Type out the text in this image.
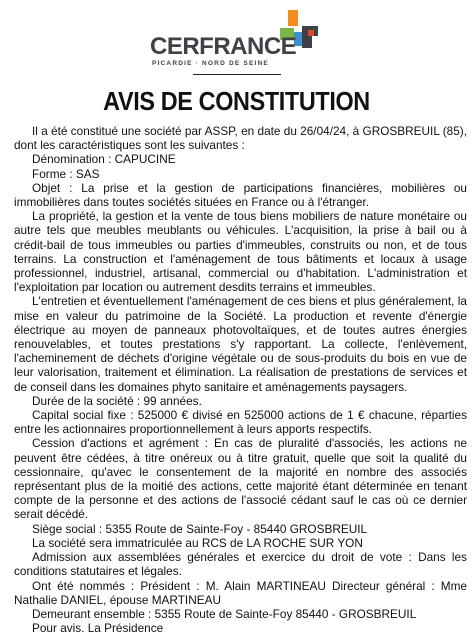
CERFRANCE
PICARDIE · NORD DE SEINE
AVIS DE CONSTITUTION

Il a été constitué une société par ASSP, en date du 26/04/24, à GROSBREUIL (85), dont les caractéristiques sont les suivantes :

Dénomination : CAPUCINE

Forme : SAS

Objet : La prise et la gestion de participations financières, mobilières ou immobilières dans toutes sociétés situées en France ou à l'étranger.

La propriété, la gestion et la vente de tous biens mobiliers de nature monétaire ou autre tels que meubles meublants ou véhicules. L'acquisition, la prise à bail ou à crédit-bail de tous immeubles ou parties d'immeubles, construits ou non, et de tous terrains. La construction et l'aménagement de tous bâtiments et locaux à usage professionnel, industriel, artisanal, commercial ou d'habitation. L'administration et l'exploitation par location ou autrement desdits terrains et immeubles.

L'entretien et éventuellement l'aménagement de ces biens et plus généralement, la mise en valeur du patrimoine de la Société. La production et revente d'énergie électrique au moyen de panneaux photovoltaïques, et de toutes autres énergies renouvelables, et toutes prestations s'y rapportant. La collecte, l'enlèvement, l'acheminement de déchets d'origine végétale ou de sous-produits du bois en vue de leur valorisation, traitement et élimination. La réalisation de prestations de services et de conseil dans les domaines phyto sanitaire et aménagements paysagers.

Durée de la société : 99 années.

Capital social fixe : 525000 € divisé en 525000 actions de 1 € chacune, réparties entre les actionnaires proportionnellement à leurs apports respectifs.

Cession d'actions et agrément : En cas de pluralité d'associés, les actions ne peuvent être cédées, à titre onéreux ou à titre gratuit, quelle que soit la qualité du cessionnaire, qu'avec le consentement de la majorité en nombre des associés représentant plus de la moitié des actions, cette majorité étant déterminée en tenant compte de la personne et des actions de l'associé cédant sauf le cas où ce dernier serait décédé.

Siège social : 5355 Route de Sainte-Foy - 85440 GROSBREUIL

La société sera immatriculée au RCS de LA ROCHE SUR YON

Admission aux assemblées générales et exercice du droit de vote : Dans les conditions statutaires et légales.

Ont été nommés : Président : M. Alain MARTINEAU Directeur général : Mme Nathalie DANIEL, épouse MARTINEAU

Demeurant ensemble : 5355 Route de Sainte-Foy 85440 - GROSBREUIL

Pour avis. La Présidence
